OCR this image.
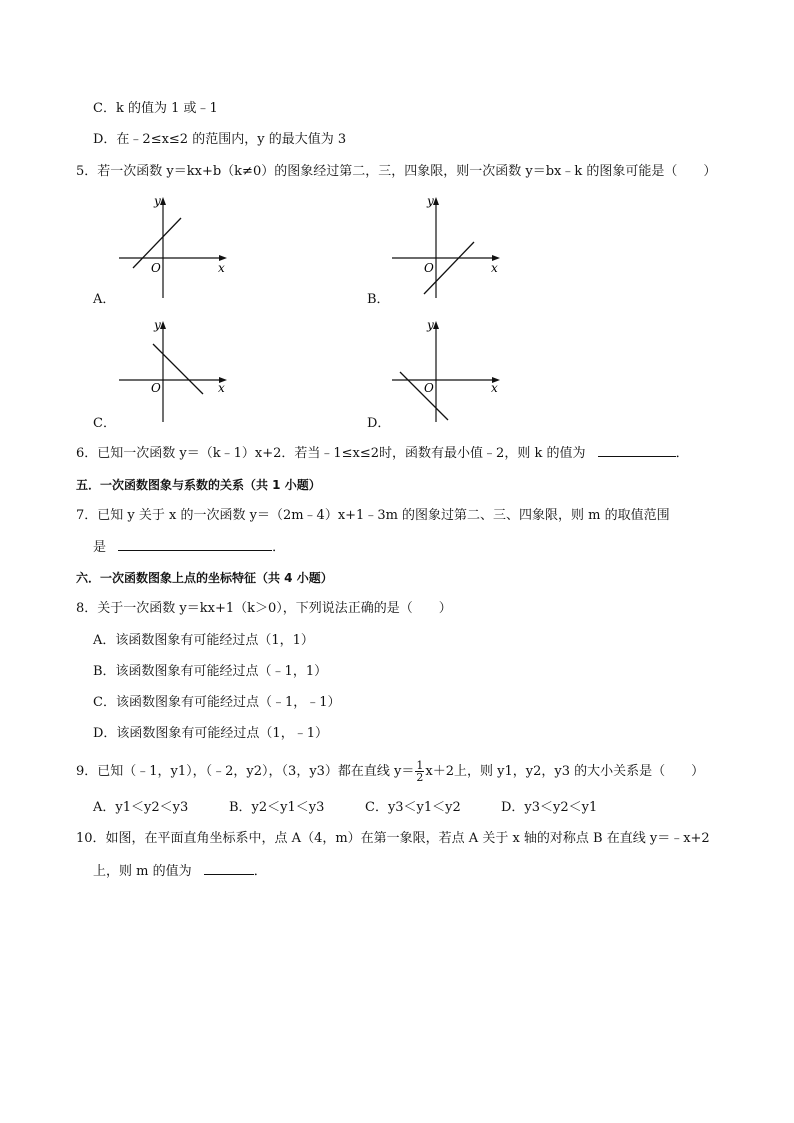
C．k 的值为 1 或﹣1
D．在﹣2≤x≤2 的范围内，y 的最大值为 3
5．若一次函数 y＝kx+b（k≠0）的图象经过第二，三，四象限，则一次函数 y＝bx﹣k 的图象可能是（　　）
O	x
y
A．
O	x
y
B．
O	x
y
C．
O	x
y
D．
6．已知一次函数 y＝（k﹣1）x+2．若当﹣1≤x≤2时，函数有最小值﹣2，则 k 的值为	．
五．一次函数图象与系数的关系（共 1 小题）
7．已知 y 关于 x 的一次函数 y＝（2m﹣4）x+1﹣3m 的图象过第二、三、四象限，则 m 的取值范围
是	．
六．一次函数图象上点的坐标特征（共 4 小题）
8．关于一次函数 y＝kx+1（k＞0），下列说法正确的是（　　）
A．该函数图象有可能经过点（1，1）
B．该函数图象有可能经过点（﹣1，1）
C．该函数图象有可能经过点（﹣1，﹣1）
D．该函数图象有可能经过点（1，﹣1）
9．已知（﹣1，y1），（﹣2，y2），（3，y3）都在直线 $y= \frac{1}{2} x+2$上，则 y1，y2，y3 的大小关系是（　　）
A．y1＜y2＜y3	B．y2＜y1＜y3	C．y3＜y1＜y2	D．y3＜y2＜y1
10．如图，在平面直角坐标系中，点 A（4，m）在第一象限，若点 A 关于 x 轴的对称点 B 在直线 y＝﹣x+2
上，则 m 的值为	．
